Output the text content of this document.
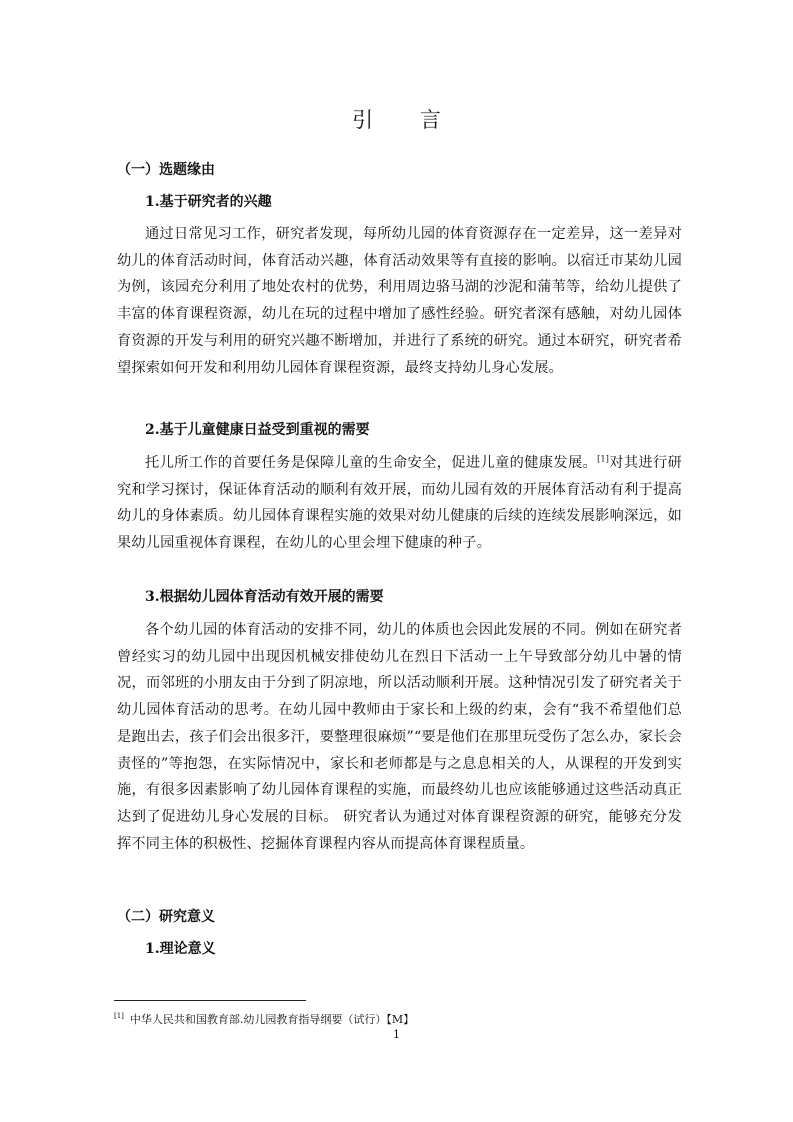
引 言

（一）选题缘由

1.基于研究者的兴趣

通过日常见习工作，研究者发现，每所幼儿园的体育资源存在一定差异，这一差异对幼儿的体育活动时间，体育活动兴趣，体育活动效果等有直接的影响。以宿迁市某幼儿园为例，该园充分利用了地处农村的优势，利用周边骆马湖的沙泥和蒲苇等，给幼儿提供了丰富的体育课程资源，幼儿在玩的过程中增加了感性经验。研究者深有感触，对幼儿园体育资源的开发与利用的研究兴趣不断增加，并进行了系统的研究。通过本研究，研究者希望探索如何开发和利用幼儿园体育课程资源，最终支持幼儿身心发展。

2.基于儿童健康日益受到重视的需要

托儿所工作的首要任务是保障儿童的生命安全，促进儿童的健康发展。[1]对其进行研究和学习探讨，保证体育活动的顺利有效开展，而幼儿园有效的开展体育活动有利于提高幼儿的身体素质。幼儿园体育课程实施的效果对幼儿健康的后续的连续发展影响深远，如果幼儿园重视体育课程，在幼儿的心里会埋下健康的种子。

3.根据幼儿园体育活动有效开展的需要

各个幼儿园的体育活动的安排不同，幼儿的体质也会因此发展的不同。例如在研究者曾经实习的幼儿园中出现因机械安排使幼儿在烈日下活动一上午导致部分幼儿中暑的情况，而邻班的小朋友由于分到了阴凉地，所以活动顺利开展。这种情况引发了研究者关于幼儿园体育活动的思考。在幼儿园中教师由于家长和上级的约束，会有“我不希望他们总是跑出去，孩子们会出很多汗，要整理很麻烦”“要是他们在那里玩受伤了怎么办，家长会责怪的”等抱怨，在实际情况中，家长和老师都是与之息息相关的人，从课程的开发到实施，有很多因素影响了幼儿园体育课程的实施，而最终幼儿也应该能够通过这些活动真正达到了促进幼儿身心发展的目标。 研究者认为通过对体育课程资源的研究，能够充分发挥不同主体的积极性、挖掘体育课程内容从而提高体育课程质量。

（二）研究意义

1.理论意义

[1] 中华人民共和国教育部.幼儿园教育指导纲要（试行）【M】

1
